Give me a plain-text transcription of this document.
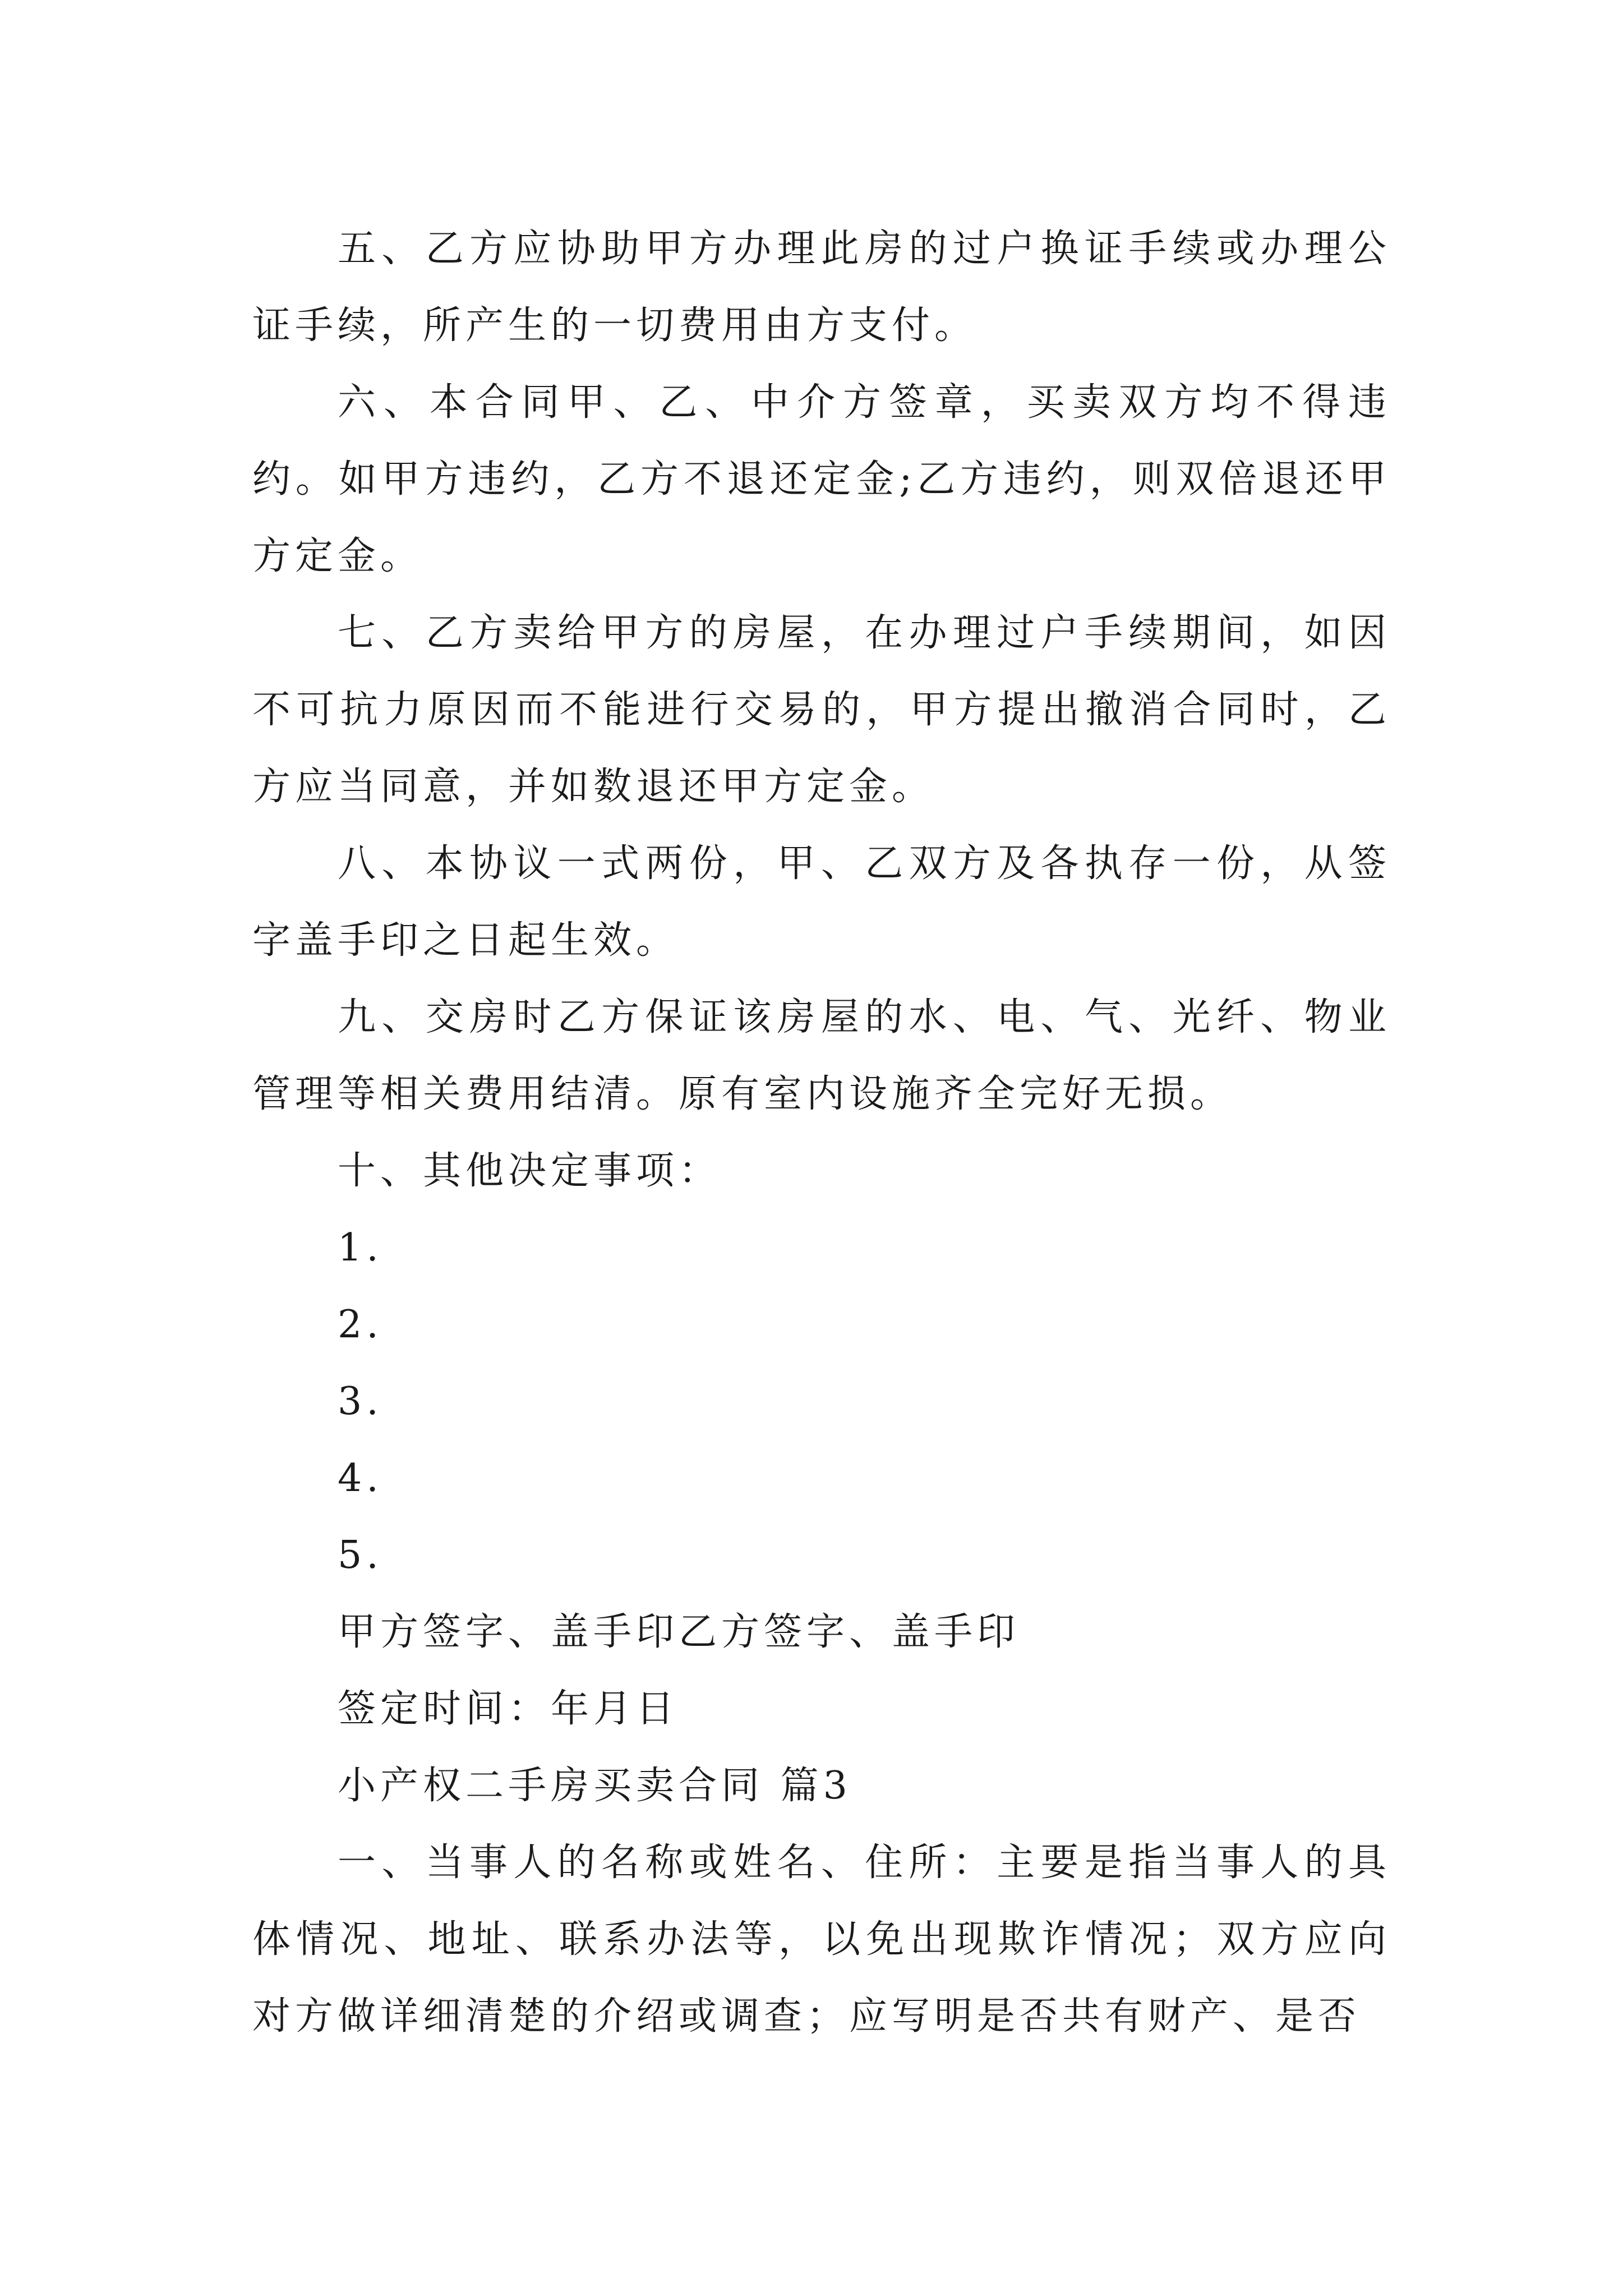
五、乙方应协助甲方办理此房的过户换证手续或办理公证手续，所产生的一切费用由方支付。

六、本合同甲、乙、中介方签章，买卖双方均不得违约。如甲方违约，乙方不退还定金;乙方违约，则双倍退还甲方定金。

七、乙方卖给甲方的房屋，在办理过户手续期间，如因不可抗力原因而不能进行交易的，甲方提出撤消合同时，乙方应当同意，并如数退还甲方定金。

八、本协议一式两份，甲、乙双方及各执存一份，从签字盖手印之日起生效。

九、交房时乙方保证该房屋的水、电、气、光纤、物业管理等相关费用结清。原有室内设施齐全完好无损。

十、其他决定事项：

1.

2.

3.

4.

5.

甲方签字、盖手印乙方签字、盖手印

签定时间：年月日

小产权二手房买卖合同 篇3

一、当事人的名称或姓名、住所：主要是指当事人的具体情况、地址、联系办法等，以免出现欺诈情况；双方应向对方做详细清楚的介绍或调查；应写明是否共有财产、是否
